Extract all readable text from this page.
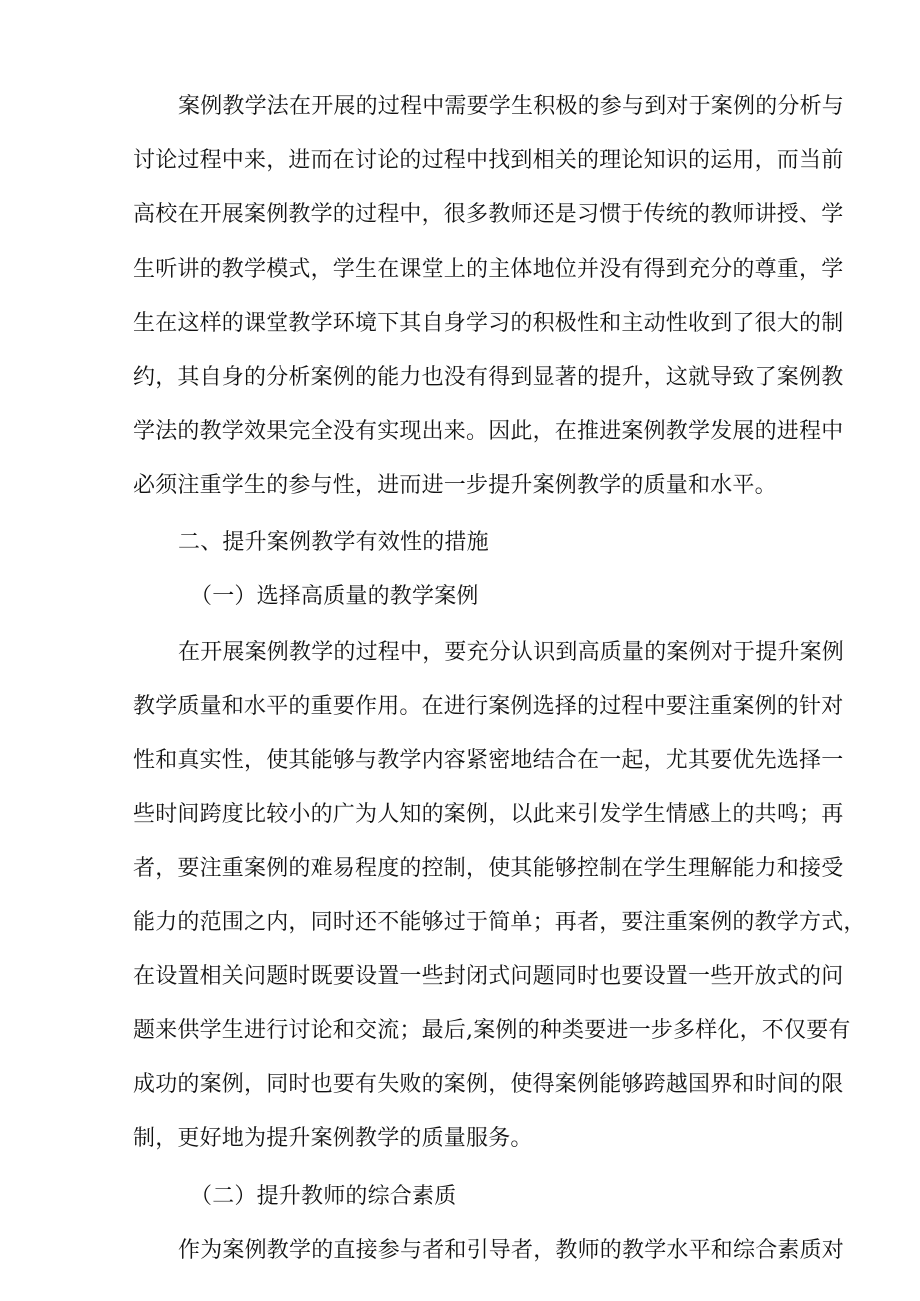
案例教学法在开展的过程中需要学生积极的参与到对于案例的分析与
讨论过程中来，进而在讨论的过程中找到相关的理论知识的运用，而当前
高校在开展案例教学的过程中，很多教师还是习惯于传统的教师讲授、学
生听讲的教学模式，学生在课堂上的主体地位并没有得到充分的尊重，学
生在这样的课堂教学环境下其自身学习的积极性和主动性收到了很大的制
约，其自身的分析案例的能力也没有得到显著的提升，这就导致了案例教
学法的教学效果完全没有实现出来。因此，在推进案例教学发展的进程中
必须注重学生的参与性，进而进一步提升案例教学的质量和水平。
二、提升案例教学有效性的措施
（一）选择高质量的教学案例
在开展案例教学的过程中，要充分认识到高质量的案例对于提升案例
教学质量和水平的重要作用。在进行案例选择的过程中要注重案例的针对
性和真实性，使其能够与教学内容紧密地结合在一起，尤其要优先选择一
些时间跨度比较小的广为人知的案例，以此来引发学生情感上的共鸣；再
者，要注重案例的难易程度的控制，使其能够控制在学生理解能力和接受
能力的范围之内，同时还不能够过于简单；再者，要注重案例的教学方式，
在设置相关问题时既要设置一些封闭式问题同时也要设置一些开放式的问
题来供学生进行讨论和交流；最后,案例的种类要进一步多样化，不仅要有
成功的案例，同时也要有失败的案例，使得案例能够跨越国界和时间的限
制，更好地为提升案例教学的质量服务。
（二）提升教师的综合素质
作为案例教学的直接参与者和引导者，教师的教学水平和综合素质对
